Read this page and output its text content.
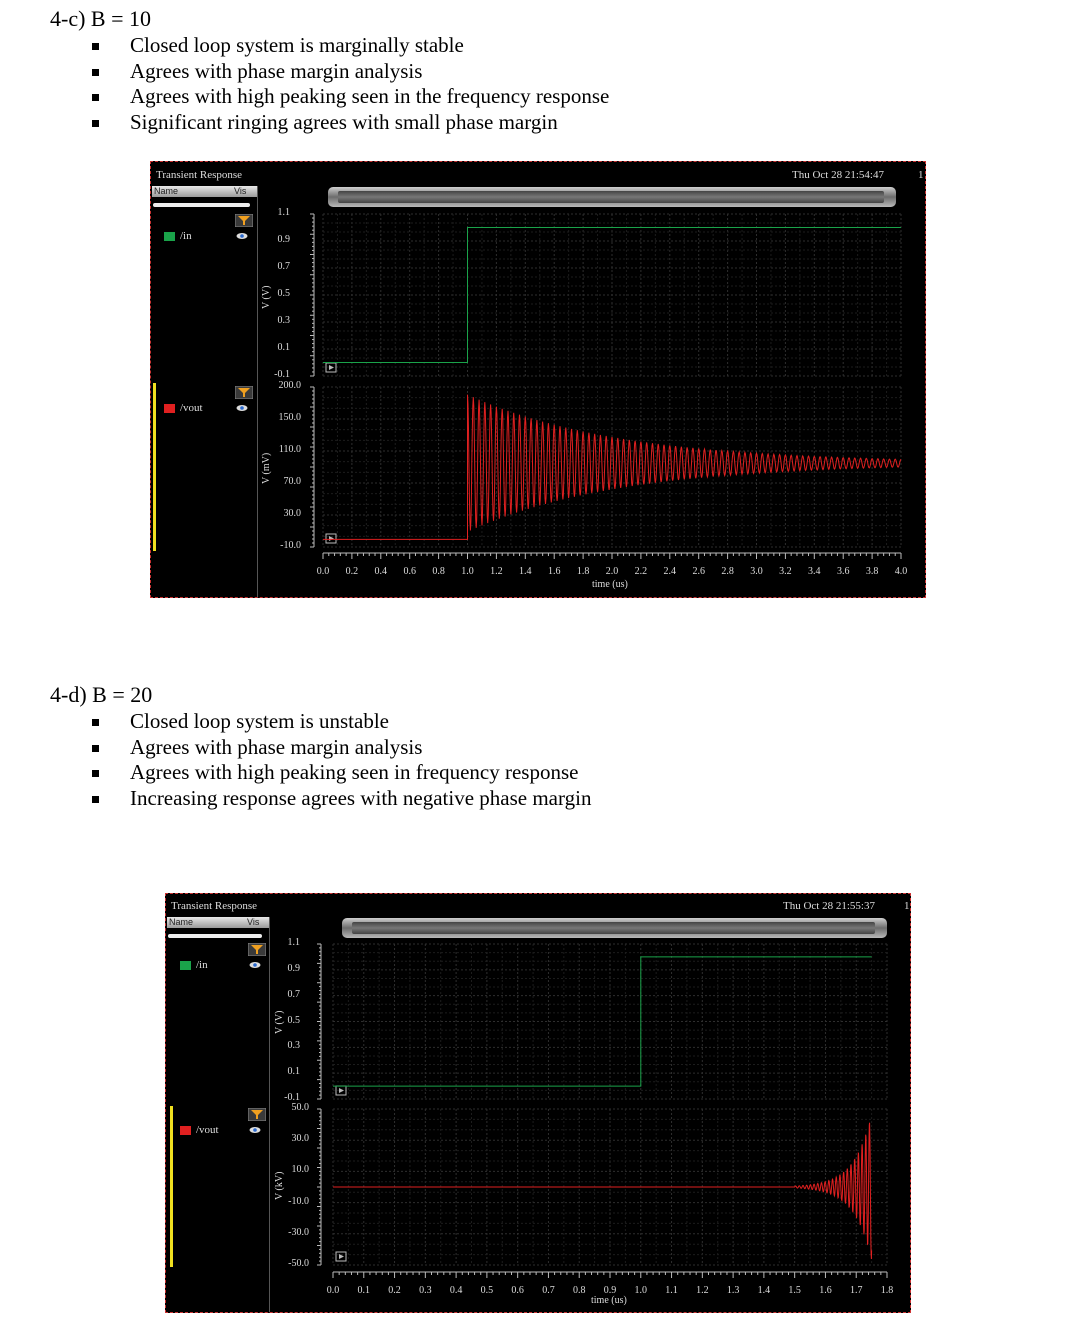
4-c) B = 10
Closed loop system is marginally stable
Agrees with phase margin analysis
Agrees with high peaking seen in the frequency response
Significant ringing agrees with small phase margin
Transient Response	Thu Oct 28 21:54:47	1
Name	Vis
/in
/vout
V (V)
V (mV)
time (us)
1.1
0.9
0.7
0.5
0.3
0.1
-0.1
200.0
150.0
110.0
70.0
30.0
-10.0
0.0	0.2	0.4	0.6	0.8	1.0	1.2	1.4	1.6	1.8	2.0	2.2	2.4	2.6	2.8	3.0	3.2	3.4	3.6	3.8	4.0
4-d) B = 20
Closed loop system is unstable
Agrees with phase margin analysis
Agrees with high peaking seen in frequency response
Increasing response agrees with negative phase margin
Transient Response	Thu Oct 28 21:55:37	1
Name	Vis
/in
/vout
V (V)
V (kV)
time (us)
1.1
0.9
0.7
0.5
0.3
0.1
-0.1
50.0
30.0
10.0
-10.0
-30.0
-50.0
0.0	0.1	0.2	0.3	0.4	0.5	0.6	0.7	0.8	0.9	1.0	1.1	1.2	1.3	1.4	1.5	1.6	1.7	1.8
